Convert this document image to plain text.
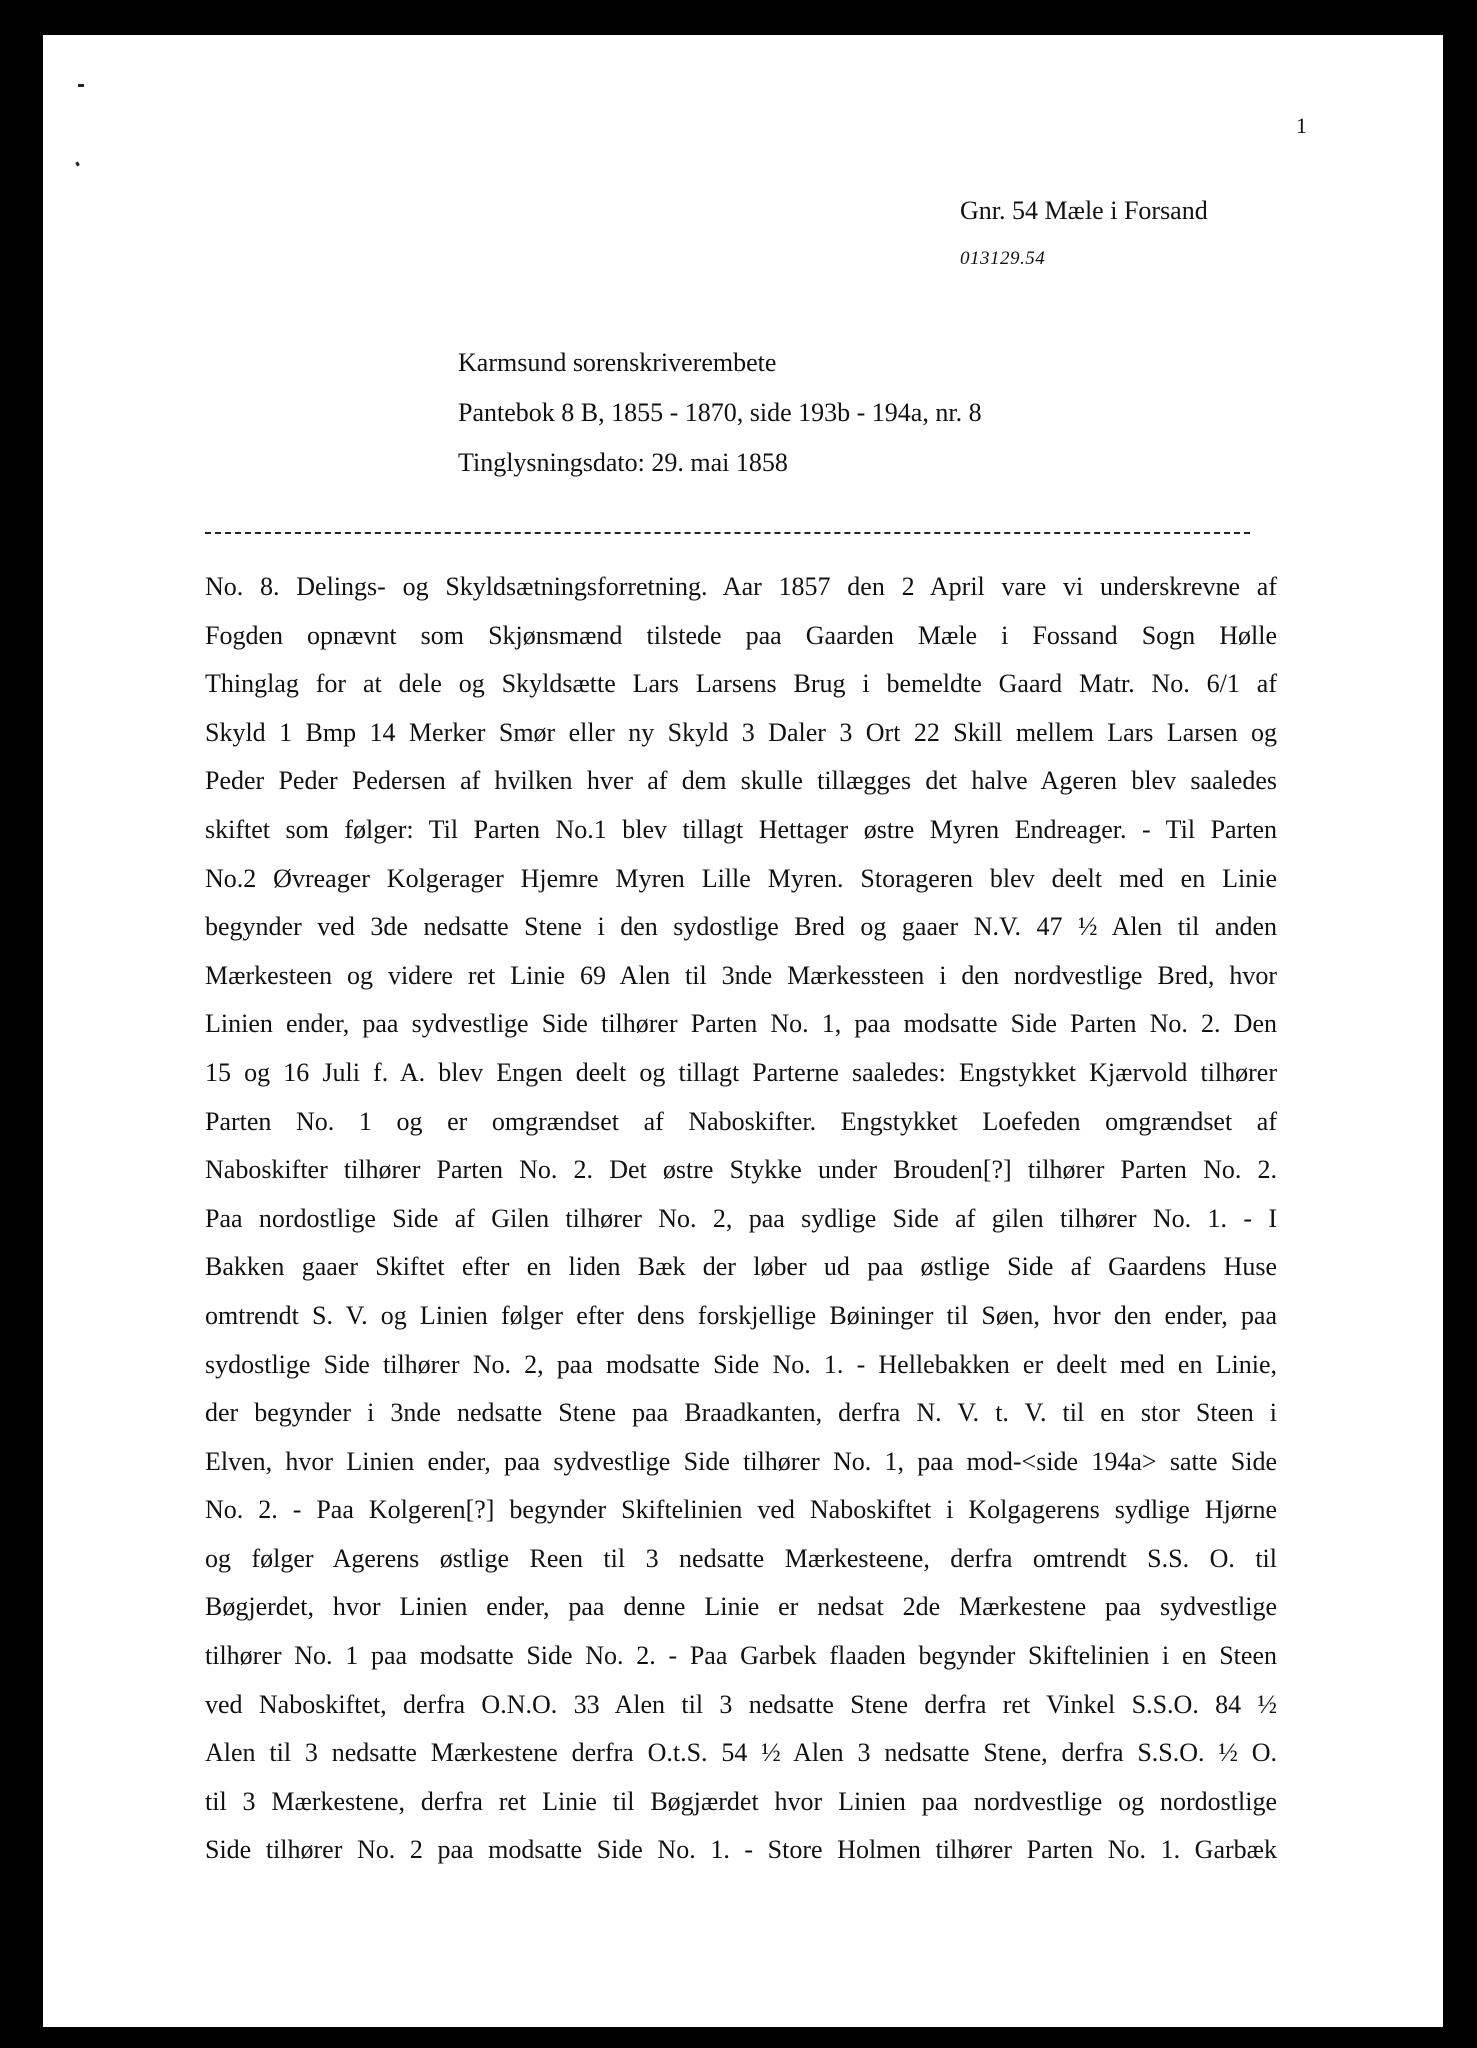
1
Gnr. 54 Mæle i Forsand
013129.54
Karmsund sorenskriverembete
Pantebok 8 B, 1855 - 1870, side 193b - 194a, nr. 8
Tinglysningsdato: 29. mai 1858
No. 8. Delings- og Skyldsætningsforretning. Aar 1857 den 2 April vare vi underskrevne af
Fogden opnævnt som Skjønsmænd tilstede paa Gaarden Mæle i Fossand Sogn Hølle
Thinglag for at dele og Skyldsætte Lars Larsens Brug i bemeldte Gaard Matr. No. 6/1 af
Skyld 1 Bmp 14 Merker Smør eller ny Skyld 3 Daler 3 Ort 22 Skill mellem Lars Larsen og
Peder Peder Pedersen af hvilken hver af dem skulle tillægges det halve Ageren blev saaledes
skiftet som følger: Til Parten No.1 blev tillagt Hettager østre Myren Endreager. - Til Parten
No.2 Øvreager Kolgerager Hjemre Myren Lille Myren. Storageren blev deelt med en Linie
begynder ved 3de nedsatte Stene i den sydostlige Bred og gaaer N.V. 47 ½ Alen til anden
Mærkesteen og videre ret Linie 69 Alen til 3nde Mærkessteen i den nordvestlige Bred, hvor
Linien ender, paa sydvestlige Side tilhører Parten No. 1, paa modsatte Side Parten No. 2. Den
15 og 16 Juli f. A. blev Engen deelt og tillagt Parterne saaledes: Engstykket Kjærvold tilhører
Parten No. 1 og er omgrændset af Naboskifter. Engstykket Loefeden omgrændset af
Naboskifter tilhører Parten No. 2. Det østre Stykke under Brouden[?] tilhører Parten No. 2.
Paa nordostlige Side af Gilen tilhører No. 2, paa sydlige Side af gilen tilhører No. 1. - I
Bakken gaaer Skiftet efter en liden Bæk der løber ud paa østlige Side af Gaardens Huse
omtrendt S. V. og Linien følger efter dens forskjellige Bøininger til Søen, hvor den ender, paa
sydostlige Side tilhører No. 2, paa modsatte Side No. 1. - Hellebakken er deelt med en Linie,
der begynder i 3nde nedsatte Stene paa Braadkanten, derfra N. V. t. V. til en stor Steen i
Elven, hvor Linien ender, paa sydvestlige Side tilhører No. 1, paa mod-<side 194a> satte Side
No. 2. - Paa Kolgeren[?] begynder Skiftelinien ved Naboskiftet i Kolgagerens sydlige Hjørne
og følger Agerens østlige Reen til 3 nedsatte Mærkesteene, derfra omtrendt S.S. O. til
Bøgjerdet, hvor Linien ender, paa denne Linie er nedsat 2de Mærkestene paa sydvestlige
tilhører No. 1 paa modsatte Side No. 2. - Paa Garbek flaaden begynder Skiftelinien i en Steen
ved Naboskiftet, derfra O.N.O. 33 Alen til 3 nedsatte Stene derfra ret Vinkel S.S.O. 84 ½
Alen til 3 nedsatte Mærkestene derfra O.t.S. 54 ½ Alen 3 nedsatte Stene, derfra S.S.O. ½ O.
til 3 Mærkestene, derfra ret Linie til Bøgjærdet hvor Linien paa nordvestlige og nordostlige
Side tilhører No. 2 paa modsatte Side No. 1. - Store Holmen tilhører Parten No. 1. Garbæk
